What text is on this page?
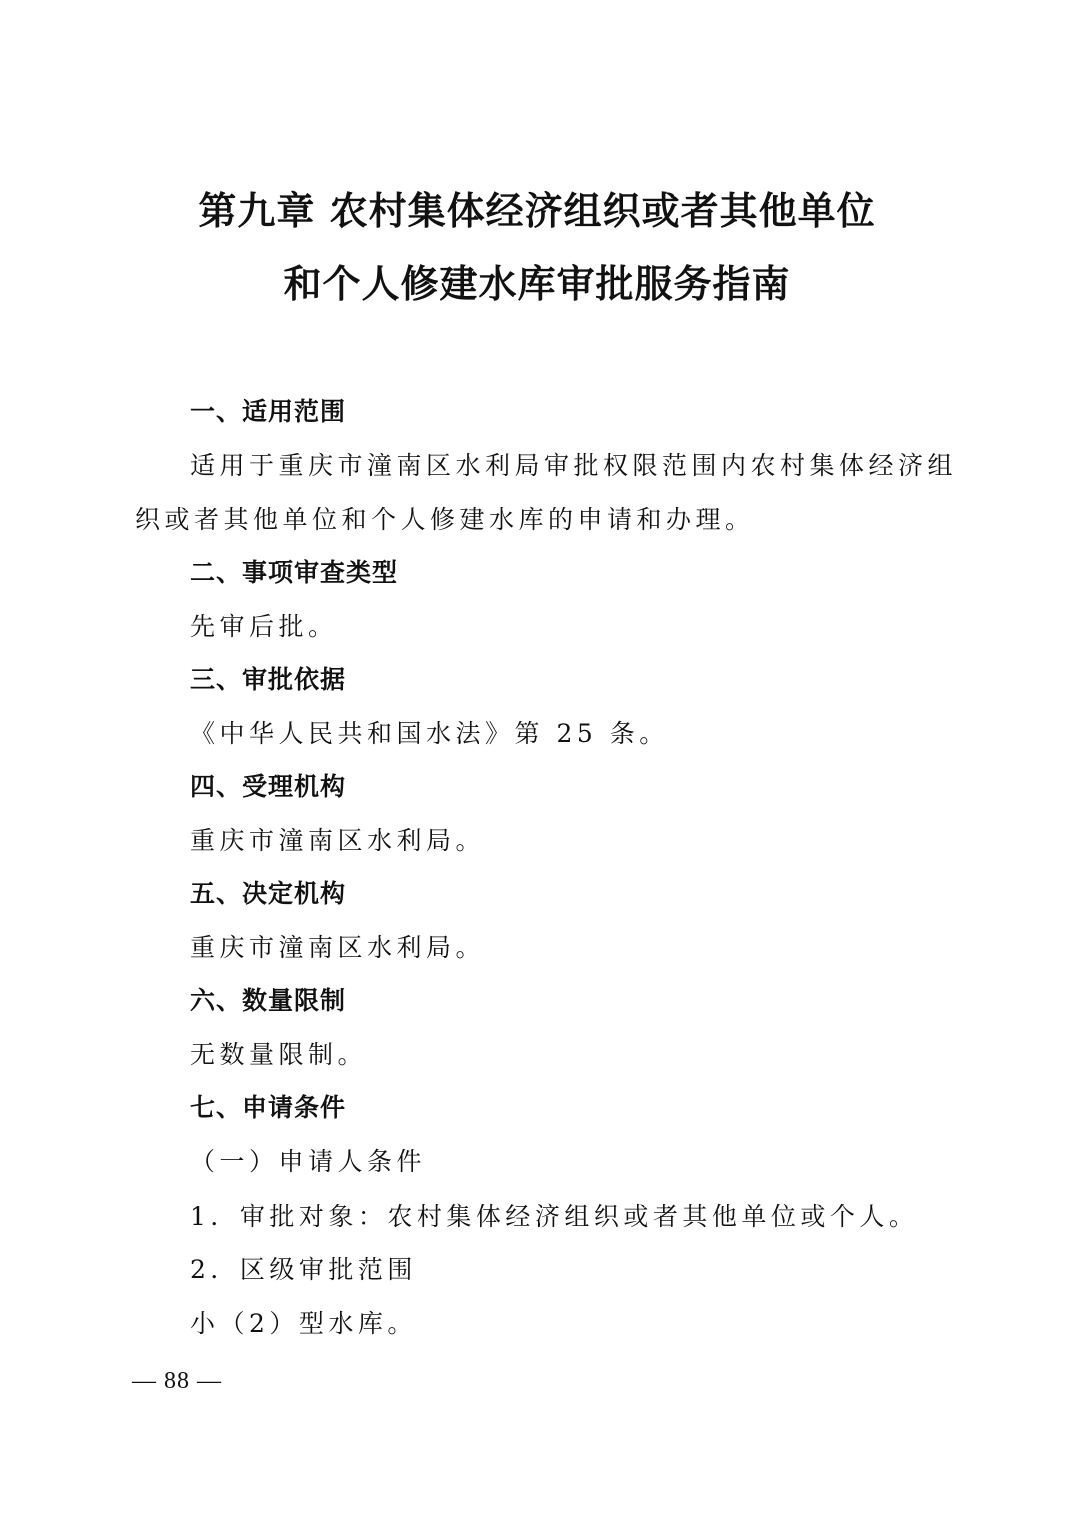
第九章 农村集体经济组织或者其他单位
和个人修建水库审批服务指南
一、适用范围
适用于重庆市潼南区水利局审批权限范围内农村集体经济组
织或者其他单位和个人修建水库的申请和办理。
二、事项审查类型
先审后批。
三、审批依据
《中华人民共和国水法》第 25 条。
四、受理机构
重庆市潼南区水利局。
五、决定机构
重庆市潼南区水利局。
六、数量限制
无数量限制。
七、申请条件
（一）申请人条件
1．审批对象：农村集体经济组织或者其他单位或个人。
2．区级审批范围
小（2）型水库。
— 88 —
